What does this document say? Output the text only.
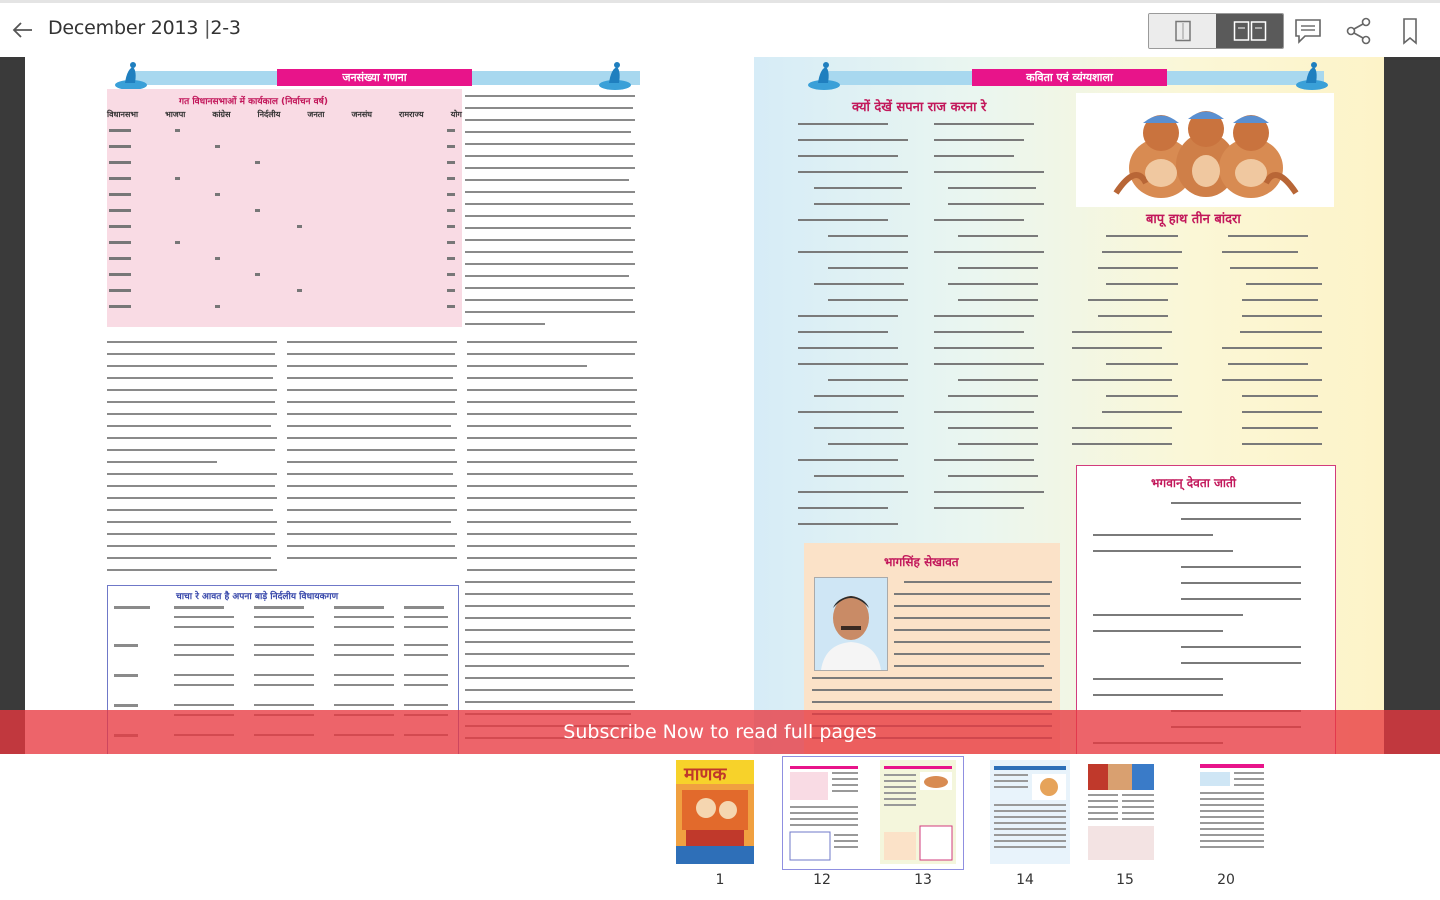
December 2013 |2-3
जनसंख्या गणना
गत विधानसभाओं में कार्यकाल (निर्वाचन वर्ष)
विधानसभा	भाजपा	कांग्रेस	निर्दलीय	जनता	जनसंघ	रामराज्य	योग
चाचा रे आवत है अपना बाड़े निर्दलीय विधायकगण
कविता एवं व्यंग्यशाला
क्यों देखें सपना राज करना रे
बापू हाथ तीन बांदरा
भागसिंह सेखावत
भगवान् देवता जाती
Subscribe Now to read full pages
माणक
1	12	13	14	15	20
